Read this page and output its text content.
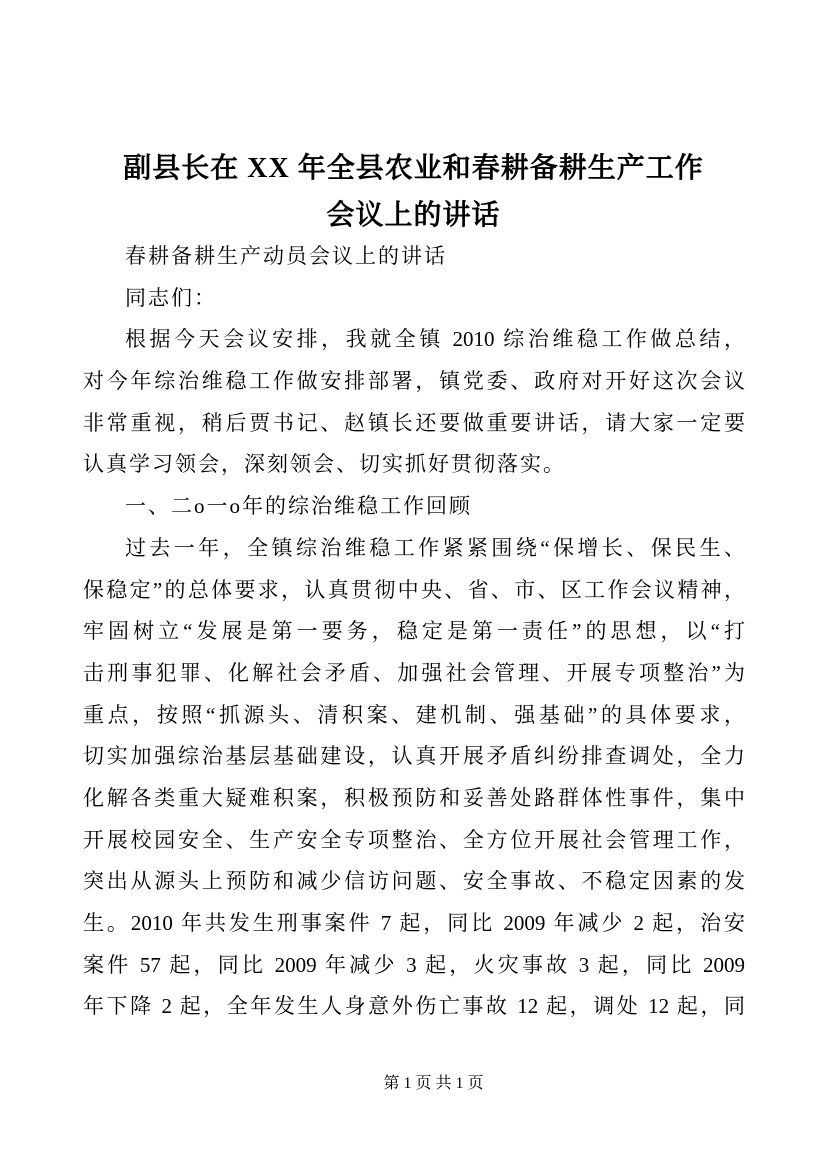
副县长在 XX 年全县农业和春耕备耕生产工作
会议上的讲话
春耕备耕生产动员会议上的讲话
同志们：
根据今天会议安排，我就全镇 2010 综治维稳工作做总结，
对今年综治维稳工作做安排部署，镇党委、政府对开好这次会议
非常重视，稍后贾书记、赵镇长还要做重要讲话，请大家一定要
认真学习领会，深刻领会、切实抓好贯彻落实。
一、二o一o年的综治维稳工作回顾
过去一年，全镇综治维稳工作紧紧围绕“保增长、保民生、
保稳定”的总体要求，认真贯彻中央、省、市、区工作会议精神，
牢固树立“发展是第一要务，稳定是第一责任”的思想，以“打
击刑事犯罪、化解社会矛盾、加强社会管理、开展专项整治”为
重点，按照“抓源头、清积案、建机制、强基础”的具体要求，
切实加强综治基层基础建设，认真开展矛盾纠纷排查调处，全力
化解各类重大疑难积案，积极预防和妥善处路群体性事件，集中
开展校园安全、生产安全专项整治、全方位开展社会管理工作，
突出从源头上预防和减少信访问题、安全事故、不稳定因素的发
生。2010 年共发生刑事案件 7 起，同比 2009 年减少 2 起，治安
案件 57 起，同比 2009 年减少 3 起，火灾事故 3 起，同比 2009
年下降 2 起，全年发生人身意外伤亡事故 12 起，调处 12 起，同
第 1 页 共 1 页
